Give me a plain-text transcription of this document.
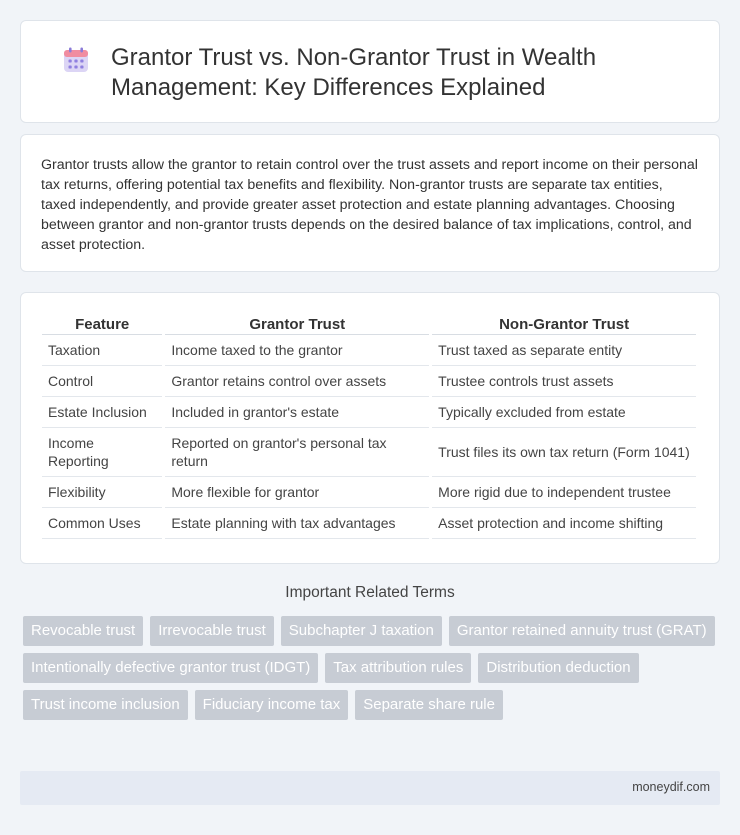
Grantor Trust vs. Non-Grantor Trust in Wealth Management: Key Differences Explained

Grantor trusts allow the grantor to retain control over the trust assets and report income on their personal tax returns, offering potential tax benefits and flexibility. Non-grantor trusts are separate tax entities, taxed independently, and provide greater asset protection and estate planning advantages. Choosing between grantor and non-grantor trusts depends on the desired balance of tax implications, control, and asset protection.

Feature	Grantor Trust	Non-Grantor Trust
Taxation	Income taxed to the grantor	Trust taxed as separate entity
Control	Grantor retains control over assets	Trustee controls trust assets
Estate Inclusion	Included in grantor's estate	Typically excluded from estate
Income Reporting	Reported on grantor's personal tax return	Trust files its own tax return (Form 1041)
Flexibility	More flexible for grantor	More rigid due to independent trustee
Common Uses	Estate planning with tax advantages	Asset protection and income shifting
Important Related Terms
Revocable trust	Irrevocable trust	Subchapter J taxation	Grantor retained annuity trust (GRAT)
Intentionally defective grantor trust (IDGT)	Tax attribution rules	Distribution deduction
Trust income inclusion	Fiduciary income tax	Separate share rule
moneydif.com
